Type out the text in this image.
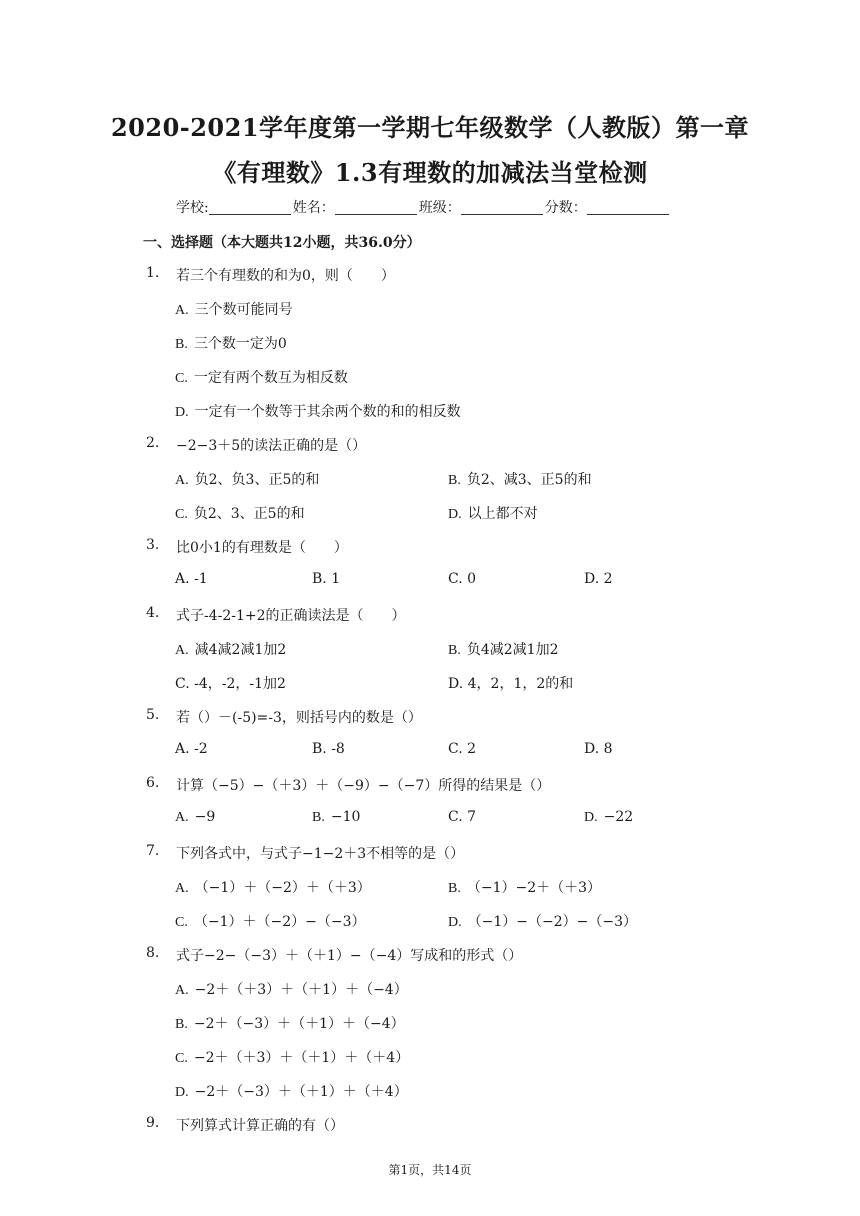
2020-2021学年度第一学期七年级数学（人教版）第一章
《有理数》1.3有理数的加减法当堂检测
学校:	姓名：	班级：	分数：
一、选择题（本大题共12小题，共36.0分）
1. 若三个有理数的和为0，则（　　）
A. 三个数可能同号
B. 三个数一定为0
C. 一定有两个数互为相反数
D. 一定有一个数等于其余两个数的和的相反数
2. −2−3＋5的读法正确的是（）
A. 负2、负3、正5的和	B. 负2、减3、正5的和
C. 负2、3、正5的和	D. 以上都不对
3. 比0小1的有理数是（　　）
A. -1	B. 1	C. 0	D. 2
4. 式子-4-2-1+2的正确读法是（　　）
A. 减4减2减1加2	B. 负4减2减1加2
C. -4，-2，-1加2	D. 4，2，1，2的和
5. 若（）－(-5)=-3，则括号内的数是（）
A. -2	B. -8	C. 2	D. 8
6. 计算（−5）−（＋3）＋（−9）−（−7）所得的结果是（）
A. −9	B. −10	C. 7	D. −22
7. 下列各式中，与式子−1−2＋3不相等的是（）
A. （−1）＋（−2）＋（＋3）	B. （−1）−2＋（＋3）
C. （−1）＋（−2）−（−3）	D. （−1）−（−2）−（−3）
8. 式子−2−（−3）＋（＋1）−（−4）写成和的形式（）
A. −2＋（＋3）＋（＋1）＋（−4）
B. −2＋（−3）＋（＋1）＋（−4）
C. −2＋（＋3）＋（＋1）＋（＋4）
D. −2＋（−3）＋（＋1）＋（＋4）
9. 下列算式计算正确的有（）
第1页，共14页
